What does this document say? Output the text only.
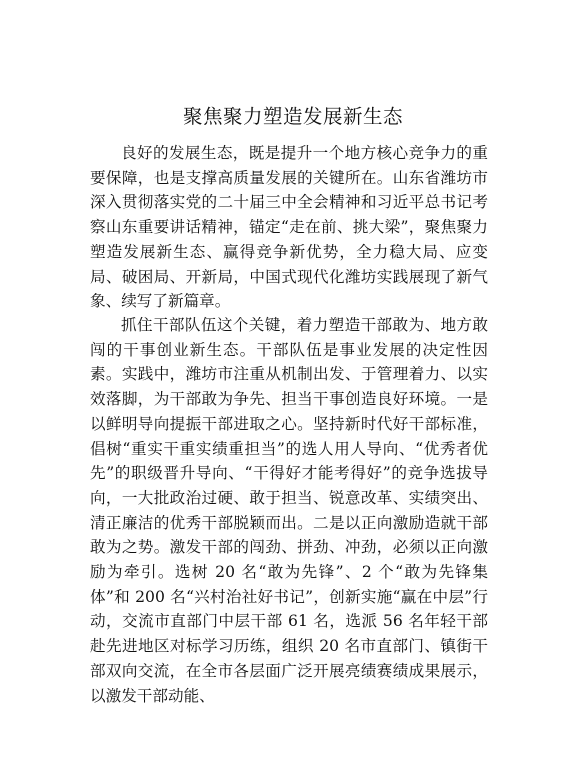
聚焦聚力塑造发展新生态

良好的发展生态，既是提升一个地方核心竞争力的重要保障，也是支撑高质量发展的关键所在。山东省潍坊市深入贯彻落实党的二十届三中全会精神和习近平总书记考察山东重要讲话精神，锚定“走在前、挑大梁”，聚焦聚力塑造发展新生态、赢得竞争新优势，全力稳大局、应变局、破困局、开新局，中国式现代化潍坊实践展现了新气象、续写了新篇章。

抓住干部队伍这个关键，着力塑造干部敢为、地方敢闯的干事创业新生态。干部队伍是事业发展的决定性因素。实践中，潍坊市注重从机制出发、于管理着力、以实效落脚，为干部敢为争先、担当干事创造良好环境。一是以鲜明导向提振干部进取之心。坚持新时代好干部标准，倡树“重实干重实绩重担当”的选人用人导向、“优秀者优先”的职级晋升导向、“干得好才能考得好”的竞争选拔导向，一大批政治过硬、敢于担当、锐意改革、实绩突出、清正廉洁的优秀干部脱颖而出。二是以正向激励造就干部敢为之势。激发干部的闯劲、拼劲、冲劲，必须以正向激励为牵引。选树 20 名“敢为先锋”、2 个“敢为先锋集体”和 200 名“兴村治社好书记”，创新实施“赢在中层”行动，交流市直部门中层干部 61 名，选派 56 名年轻干部赴先进地区对标学习历练，组织 20 名市直部门、镇街干部双向交流，在全市各层面广泛开展亮绩赛绩成果展示，以激发干部动能、
